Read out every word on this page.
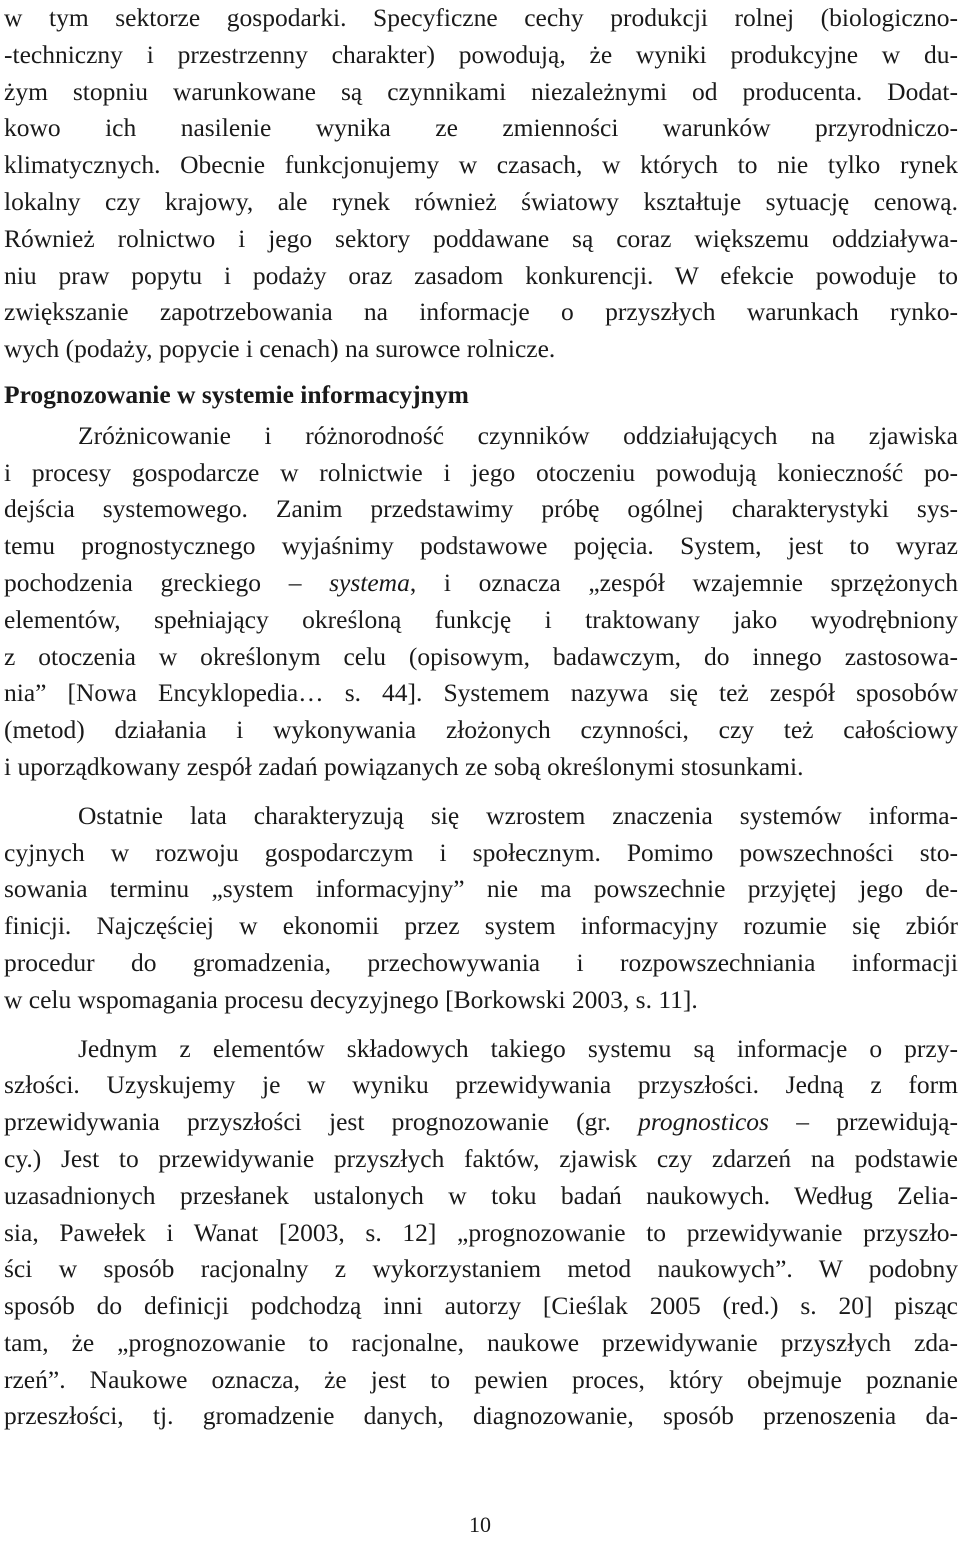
w tym sektorze gospodarki. Specyficzne cechy produkcji rolnej (biologiczno-
-techniczny i przestrzenny charakter) powodują, że wyniki produkcyjne w du-
żym stopniu warunkowane są czynnikami niezależnymi od producenta. Dodat-
kowo ich nasilenie wynika ze zmienności warunków przyrodniczo-
klimatycznych. Obecnie funkcjonujemy w czasach, w których to nie tylko rynek
lokalny czy krajowy, ale rynek również światowy kształtuje sytuację cenową.
Również rolnictwo i jego sektory poddawane są coraz większemu oddziaływa-
niu praw popytu i podaży oraz zasadom konkurencji. W efekcie powoduje to
zwiększanie zapotrzebowania na informacje o przyszłych warunkach rynko-
wych (podaży, popycie i cenach) na surowce rolnicze.
Prognozowanie w systemie informacyjnym
Zróżnicowanie i różnorodność czynników oddziałujących na zjawiska
i procesy gospodarcze w rolnictwie i jego otoczeniu powodują konieczność po-
dejścia systemowego. Zanim przedstawimy próbę ogólnej charakterystyki sys-
temu prognostycznego wyjaśnimy podstawowe pojęcia. System, jest to wyraz
pochodzenia greckiego – systema, i oznacza „zespół wzajemnie sprzężonych
elementów, spełniający określoną funkcję i traktowany jako wyodrębniony
z otoczenia w określonym celu (opisowym, badawczym, do innego zastosowa-
nia” [Nowa Encyklopedia… s. 44]. Systemem nazywa się też zespół sposobów
(metod) działania i wykonywania złożonych czynności, czy też całościowy
i uporządkowany zespół zadań powiązanych ze sobą określonymi stosunkami.
Ostatnie lata charakteryzują się wzrostem znaczenia systemów informa-
cyjnych w rozwoju gospodarczym i społecznym. Pomimo powszechności sto-
sowania terminu „system informacyjny” nie ma powszechnie przyjętej jego de-
finicji. Najczęściej w ekonomii przez system informacyjny rozumie się zbiór
procedur do gromadzenia, przechowywania i rozpowszechniania informacji
w celu wspomagania procesu decyzyjnego [Borkowski 2003, s. 11].
Jednym z elementów składowych takiego systemu są informacje o przy-
szłości. Uzyskujemy je w wyniku przewidywania przyszłości. Jedną z form
przewidywania przyszłości jest prognozowanie (gr. prognosticos – przewidują-
cy.) Jest to przewidywanie przyszłych faktów, zjawisk czy zdarzeń na podstawie
uzasadnionych przesłanek ustalonych w toku badań naukowych. Według Zelia-
sia, Pawełek i Wanat [2003, s. 12] „prognozowanie to przewidywanie przyszło-
ści w sposób racjonalny z wykorzystaniem metod naukowych”. W podobny
sposób do definicji podchodzą inni autorzy [Cieślak 2005 (red.) s. 20] pisząc
tam, że „prognozowanie to racjonalne, naukowe przewidywanie przyszłych zda-
rzeń”. Naukowe oznacza, że jest to pewien proces, który obejmuje poznanie
przeszłości, tj. gromadzenie danych, diagnozowanie, sposób przenoszenia da-
10
